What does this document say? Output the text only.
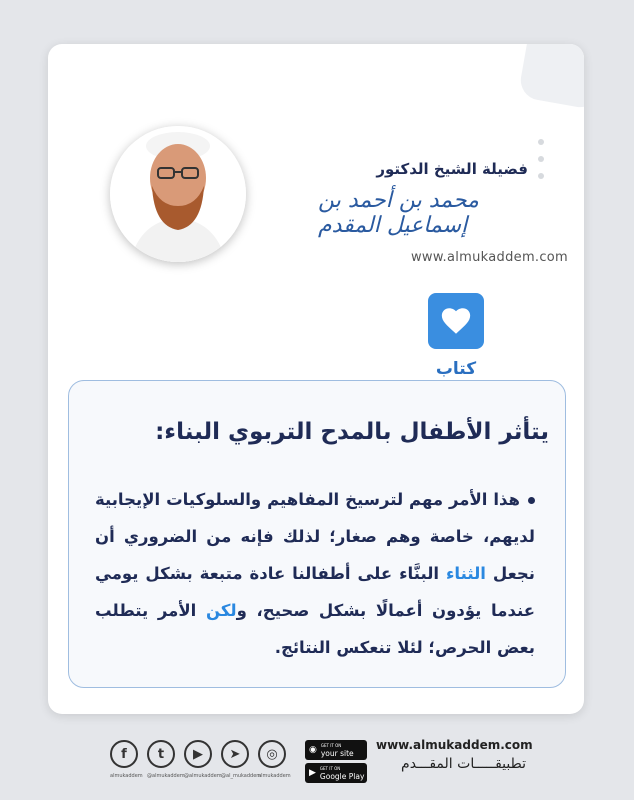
فضيلة الشيخ الدكتور
محمد بن أحمد بن إسماعيل المقدم
www.almukaddem.com
كتاب
يتأثر الأطفال بالمدح التربوي البناء:
هذا الأمر مهم لترسيخ المفاهيم والسلوكيات الإيجابية لديهم، خاصة وهم صغار؛ لذلك فإنه من الضروري أن نجعل الثناء البنَّاء على أطفالنا عادة متبعة بشكل يومي عندما يؤدون أعمالًا بشكل صحيح، ولكن الأمر يتطلب بعض الحرص؛ لئلا تنعكس النتائج.
f	t	▶	➤	◎
almukaddem @almukaddem @almukaddem @al_mukaddem
almukaddem
◉ GET IT ON
your site
▶ GET IT ON
Google Play
www.almukaddem.com
تطبيقـــــات المقـــدم
